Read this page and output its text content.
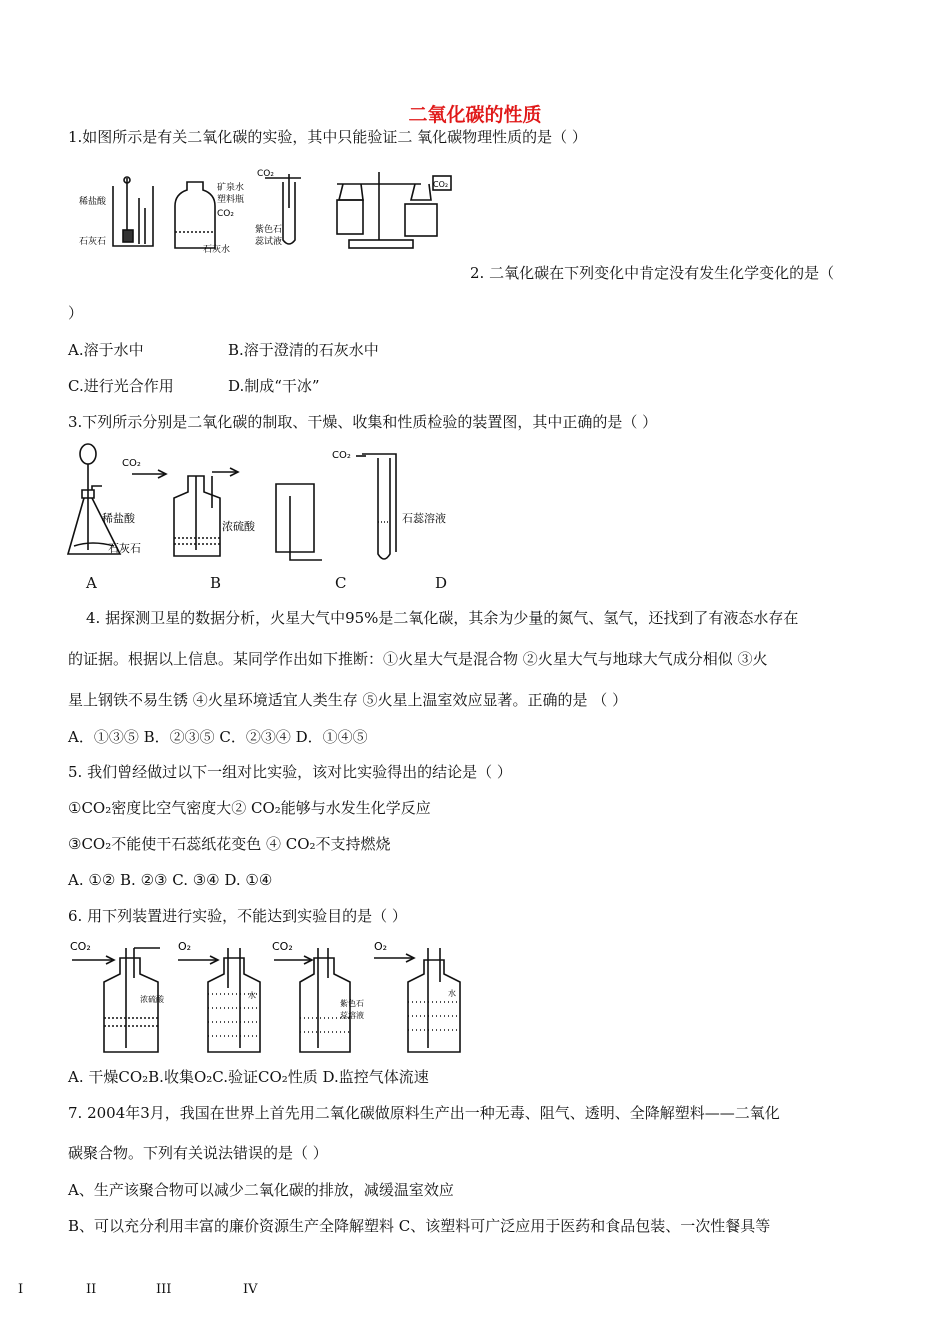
二氧化碳的性质
1.如图所示是有关二氧化碳的实验，其中只能验证二 氧化碳物理性质的是（ ）
稀盐酸
石灰石
矿泉水
塑料瓶
CO₂
石灰水
CO₂
紫色石
蕊试液
CO₂
2. 二氧化碳在下列变化中肯定没有发生化学变化的是（
）
A.溶于水中	B.溶于澄清的石灰水中
C.进行光合作用	D.制成“干冰”
3.下列所示分别是二氧化碳的制取、干燥、收集和性质检验的装置图，其中正确的是（ ）
CO₂
CO₂
稀盐酸
石灰石
浓硫酸
石蕊溶液
A	B	C	D
4. 据探测卫星的数据分析，火星大气中95%是二氧化碳，其余为少量的氮气、氢气，还找到了有液态水存在
的证据。根据以上信息。某同学作出如下推断：①火星大气是混合物 ②火星大气与地球大气成分相似 ③火
星上钢铁不易生锈 ④火星环境适宜人类生存 ⑤火星上温室效应显著。正确的是 （ ）
A．①③⑤ B．②③⑤ C．②③④ D．①④⑤
5. 我们曾经做过以下一组对比实验，该对比实验得出的结论是（ ）
①CO₂密度比空气密度大② CO₂能够与水发生化学反应
③CO₂不能使干石蕊纸花变色 ④ CO₂不支持燃烧
A. ①② B. ②③ C. ③④ D. ①④
6. 用下列装置进行实验，不能达到实验目的是（ ）
CO₂	O₂	CO₂	O₂
浓硫酸	水
紫色石
蕊溶液
水
A. 干燥CO₂B.收集O₂C.验证CO₂性质 D.监控气体流速
7. 2004年3月，我国在世界上首先用二氧化碳做原料生产出一种无毒、阻气、透明、全降解塑料——二氧化
碳聚合物。下列有关说法错误的是（ ）
A、生产该聚合物可以减少二氧化碳的排放，减缓温室效应
B、可以充分利用丰富的廉价资源生产全降解塑料 C、该塑料可广泛应用于医药和食品包装、一次性餐具等
I	II	III	IV
